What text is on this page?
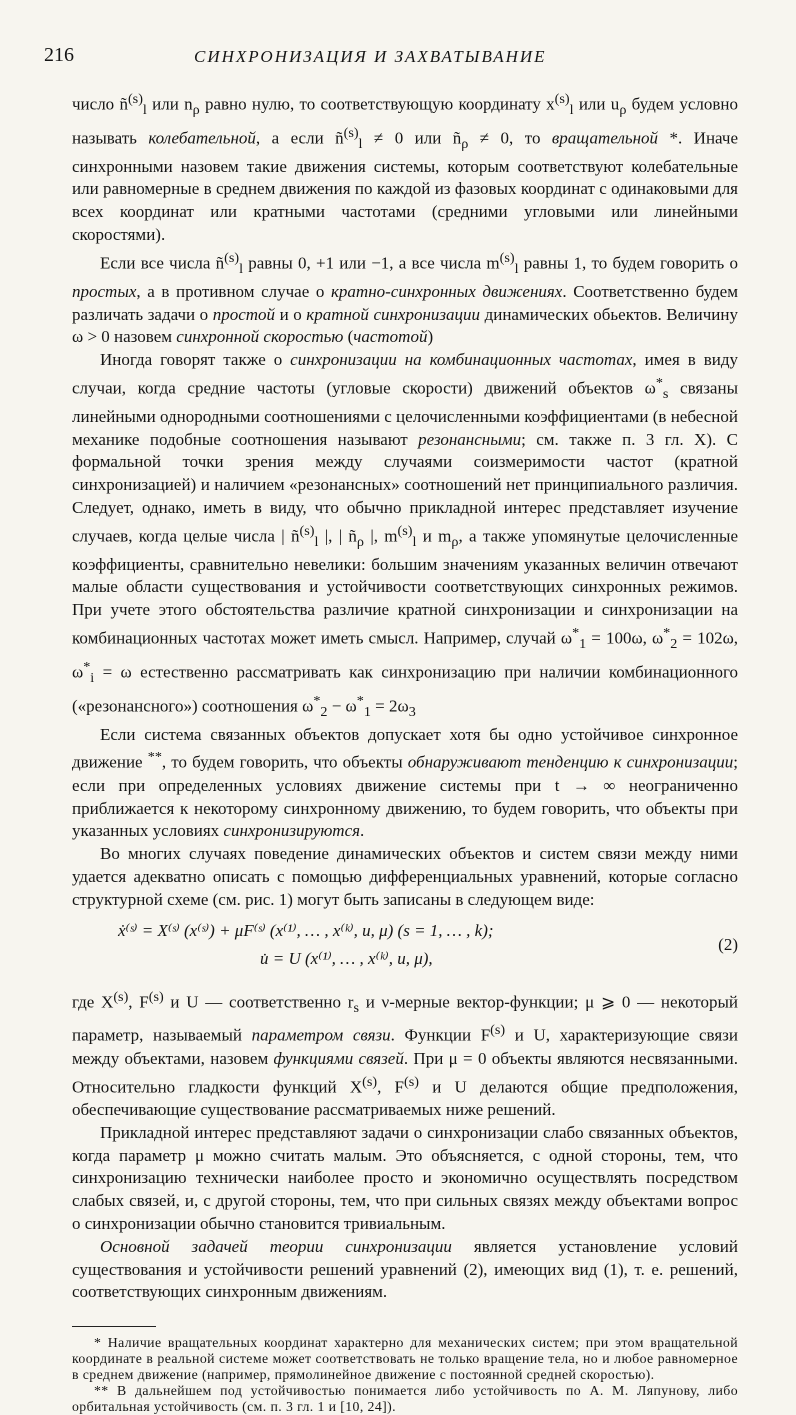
216	СИНХРОНИЗАЦИЯ И ЗАХВАТЫВАНИЕ

число $ñ^{(s)}_l$ или $n_\rho$ равно нулю, то соответствующую координату $x^{(s)}_l$ или $u_\rho$ будем условно называть колебательной, а если $ñ^{(s)}_l \ne 0$ или $ñ_\rho \ne 0$, то вращательной *. Иначе синхронными назовем такие движения системы, которым соответствуют колебательные или равномерные в среднем движения по каждой из фазовых координат с одинаковыми для всех координат или кратными частотами (средними угловыми или линейными скоростями).

Если все числа $ñ^{(s)}_l$ равны 0, +1 или −1, а все числа $m^{(s)}_l$ равны 1, то будем говорить о простых, а в противном случае о кратно-синхронных движениях. Соответственно будем различать задачи о простой и о кратной синхронизации динамических обьектов. Величину ω > 0 назовем синхронной скоростью (частотой)

Иногда говорят также о синхронизации на комбинационных частотах, имея в виду случаи, когда средние частоты (угловые скорости) движений объектов $\omega^*_s$ связаны линейными однородными соотношениями с целочисленными коэффициентами (в небесной механике подобные соотношения называют резонансными; см. также п. 3 гл. X). С формальной точки зрения между случаями соизмеримости частот (кратной синхронизацией) и наличием «резонансных» соотношений нет принципиального различия. Следует, однако, иметь в виду, что обычно прикладной интерес представляет изучение случаев, когда целые числа | $ñ^{(s)}_l$ |, | $ñ_\rho$ |, $m^{(s)}_l$ и $m_\rho$, а также упомянутые целочисленные коэффициенты, сравнительно невелики: большим значениям указанных величин отвечают малые области существования и устойчивости соответствующих синхронных режимов. При учете этого обстоятельства различие кратной синхронизации и синхронизации на комбинационных частотах может иметь смысл. Например, случай $\omega^*_1 = 100\omega$, $\omega^*_2 = 102\omega$, $\omega^*_i = \omega$ естественно рассматривать как синхронизацию при наличии комбинационного («резонансного») соотношения $\omega^*_2 - \omega^*_1 = 2\omega_3$

Если система связанных объектов допускает хотя бы одно устойчивое синхронное движение **, то будем говорить, что объекты обнаруживают тенденцию к синхронизации; если при определенных условиях движение системы при t → ∞ неограниченно приближается к некоторому синхронному движению, то будем говорить, что объекты при указанных условиях синхронизируются.

Во многих случаях поведение динамических объектов и систем связи между ними удается адекватно описать с помощью дифференциальных уравнений, которые согласно структурной схеме (см. рис. 1) могут быть записаны в следующем виде:

ẋ⁽ˢ⁾ = X⁽ˢ⁾ (x⁽ˢ⁾) + μF⁽ˢ⁾ (x⁽¹⁾, … , x⁽ᵏ⁾, u, μ) (s = 1, … , k);
u̇ = U (x⁽¹⁾, … , x⁽ᵏ⁾, u, μ),
(2)

где $X^{(s)}$, $F^{(s)}$ и U — соответственно $r_s$ и ν-мерные вектор-функции; μ ⩾ 0 — некоторый параметр, называемый параметром связи. Функции $F^{(s)}$ и U, характеризующие связи между объектами, назовем функциями связей. При μ = 0 объекты являются несвязанными. Относительно гладкости функций $X^{(s)}$, $F^{(s)}$ и U делаются общие предположения, обеспечивающие существование рассматриваемых ниже решений.

Прикладной интерес представляют задачи о синхронизации слабо связанных объектов, когда параметр μ можно считать малым. Это объясняется, с одной стороны, тем, что синхронизацию технически наиболее просто и экономично осуществлять посредством слабых связей, и, с другой стороны, тем, что при сильных связях между объектами вопрос о синхронизации обычно становится тривиальным.

Основной задачей теории синхронизации является установление условий существования и устойчивости решений уравнений (2), имеющих вид (1), т. е. решений, соответствующих синхронным движениям.

* Наличие вращательных координат характерно для механических систем; при этом вращательной координате в реальной системе может соответствовать не только вращение тела, но и любое равномерное в среднем движение (например, прямолинейное движение с постоянной средней скоростью).

** В дальнейшем под устойчивостью понимается либо устойчивость по А. М. Ляпунову, либо орбитальная устойчивость (см. п. 3 гл. 1 и [10, 24]).
